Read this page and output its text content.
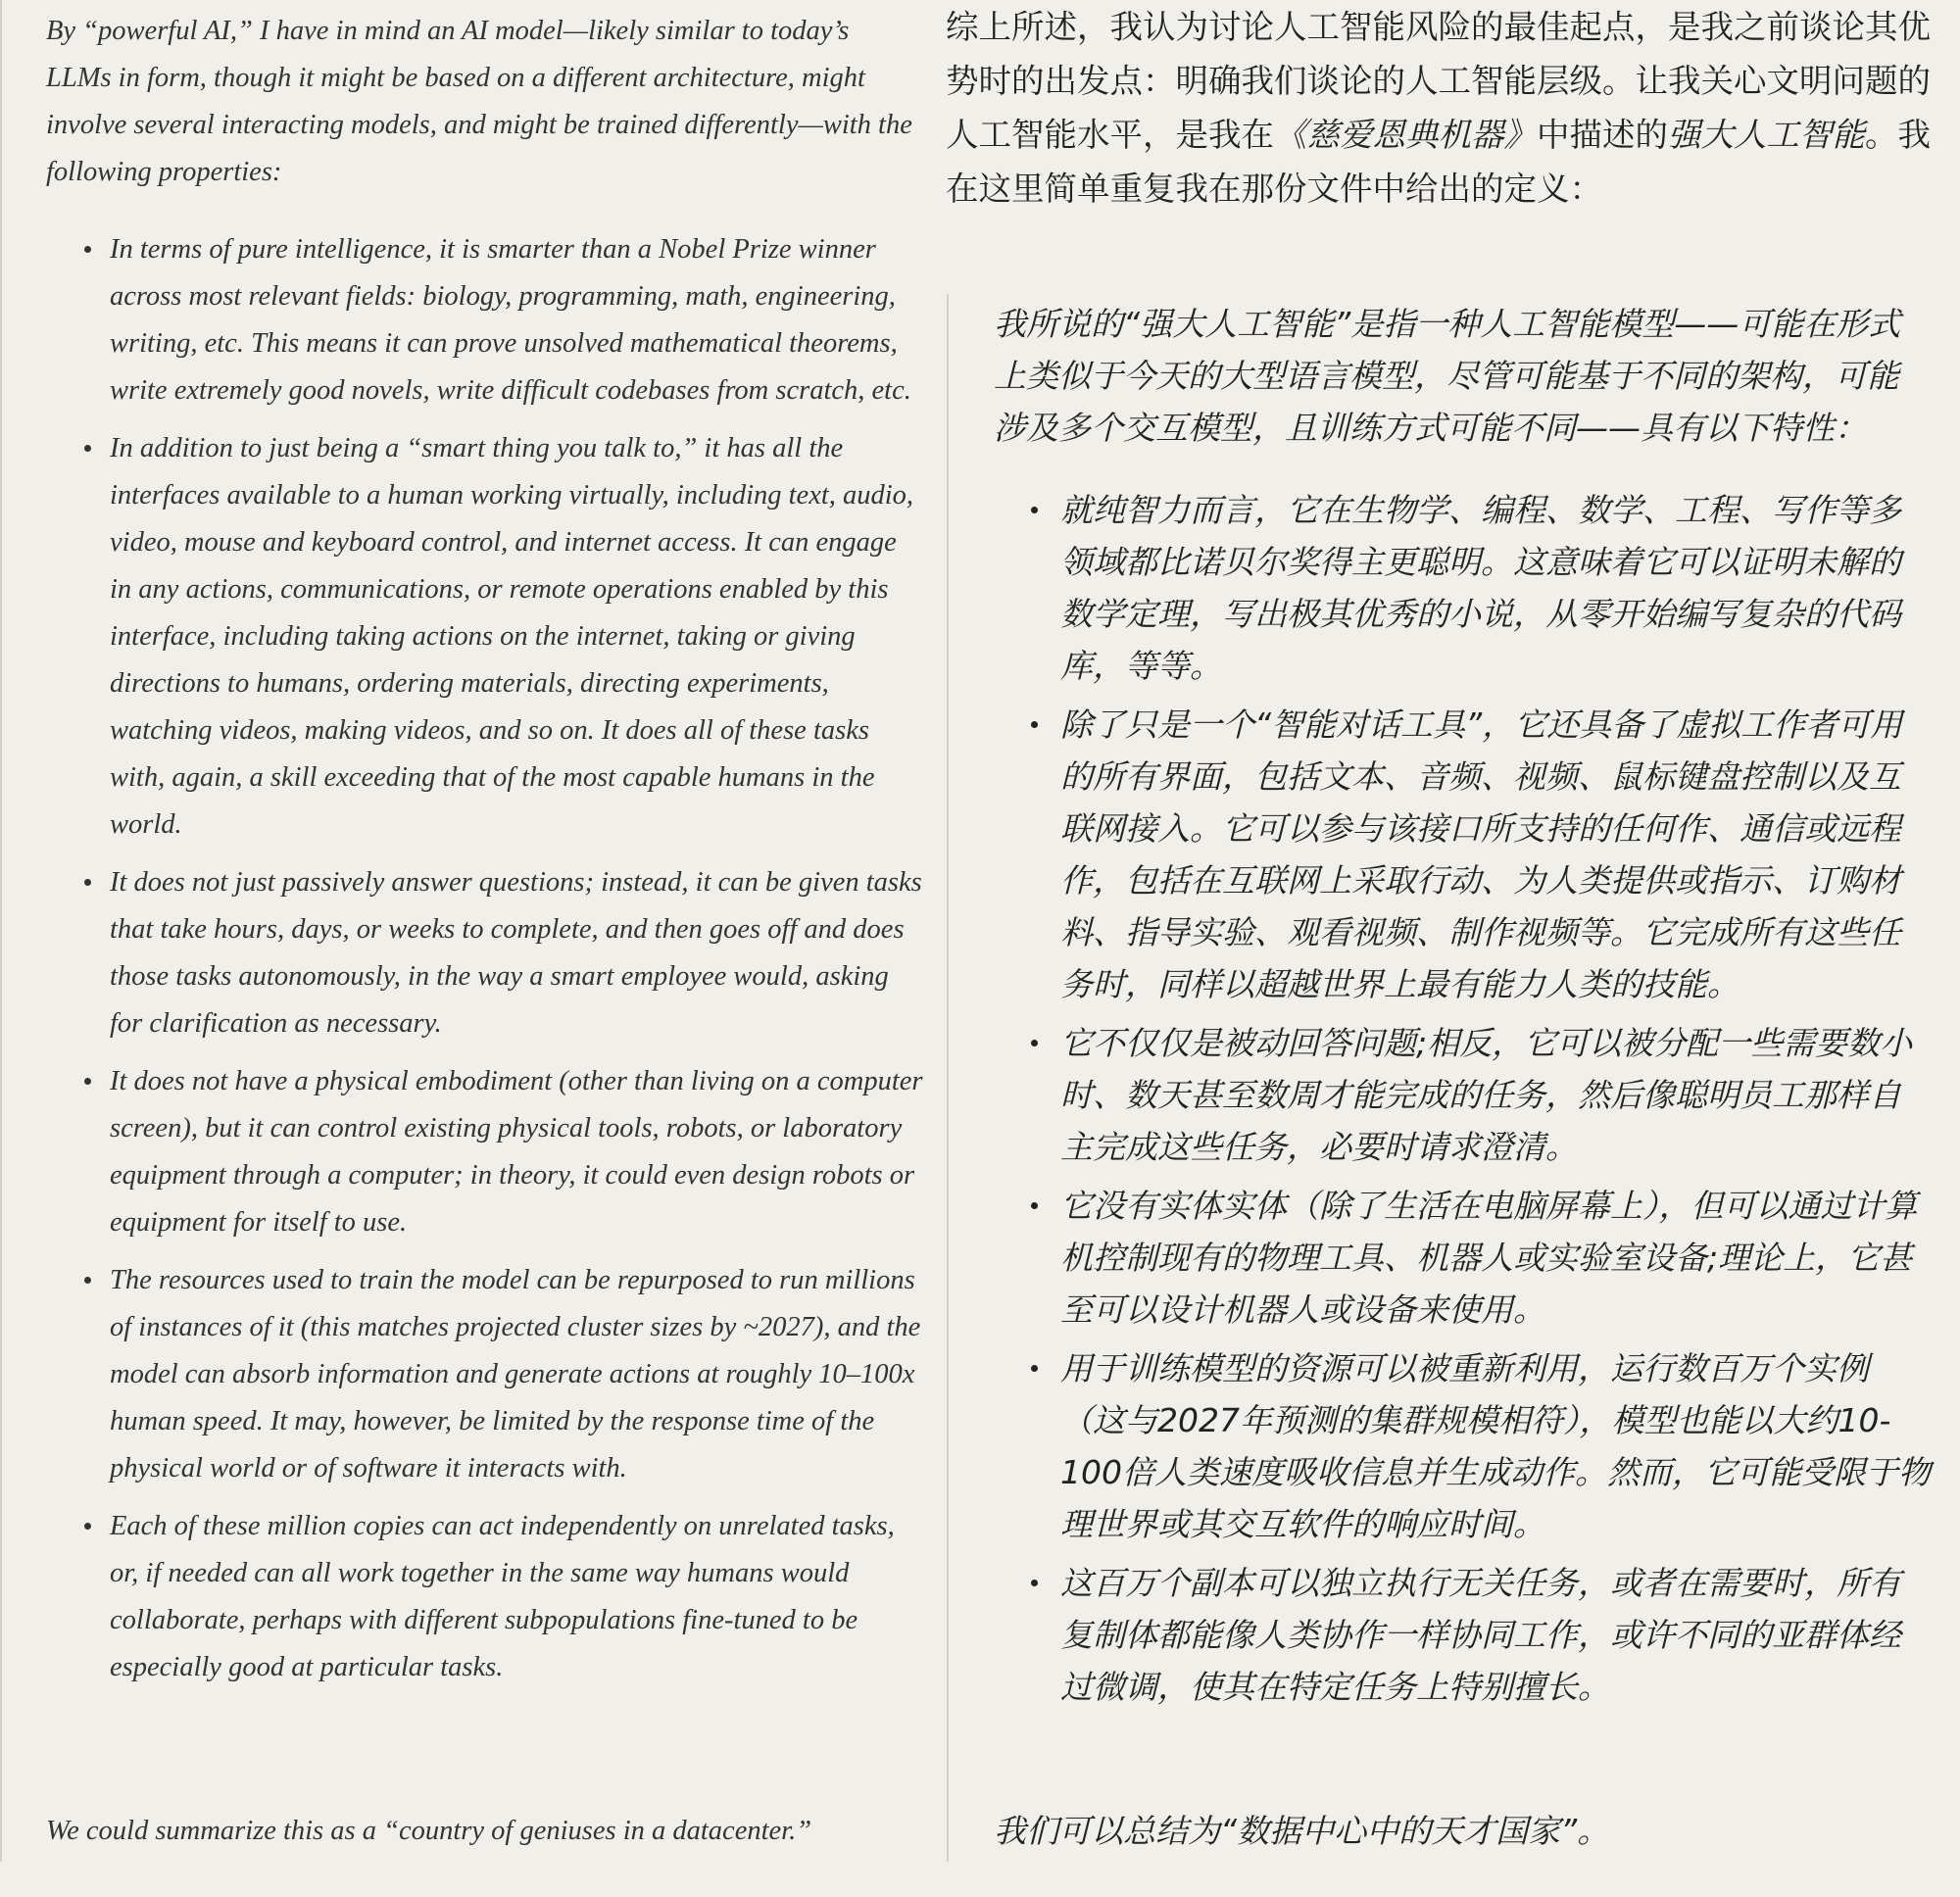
By “powerful AI,” I have in mind an AI model—likely similar to today’s LLMs in form, though it might be based on a different architecture, might involve several interacting models, and might be trained differently—with the following properties:

In terms of pure intelligence, it is smarter than a Nobel Prize winner across most relevant fields: biology, programming, math, engineering, writing, etc. This means it can prove unsolved mathematical theorems, write extremely good novels, write difficult codebases from scratch, etc.
In addition to just being a “smart thing you talk to,” it has all the interfaces available to a human working virtually, including text, audio, video, mouse and keyboard control, and internet access. It can engage in any actions, communications, or remote operations enabled by this interface, including taking actions on the internet, taking or giving directions to humans, ordering materials, directing experiments, watching videos, making videos, and so on. It does all of these tasks with, again, a skill exceeding that of the most capable humans in the world.
It does not just passively answer questions; instead, it can be given tasks that take hours, days, or weeks to complete, and then goes off and does those tasks autonomously, in the way a smart employee would, asking for clarification as necessary.
It does not have a physical embodiment (other than living on a computer screen), but it can control existing physical tools, robots, or laboratory equipment through a computer; in theory, it could even design robots or equipment for itself to use.
The resources used to train the model can be repurposed to run millions of instances of it (this matches projected cluster sizes by ~2027), and the model can absorb information and generate actions at roughly 10–100x human speed. It may, however, be limited by the response time of the physical world or of software it interacts with.
Each of these million copies can act independently on unrelated tasks, or, if needed can all work together in the same way humans would collaborate, perhaps with different subpopulations fine-tuned to be especially good at particular tasks.

We could summarize this as a “country of geniuses in a datacenter.”

综上所述，我认为讨论人工智能风险的最佳起点，是我之前谈论其优势时的出发点：明确我们谈论的人工智能层级。让我关心文明问题的人工智能水平，是我在《慈爱恩典机器》中描述的强大人工智能。我在这里简单重复我在那份文件中给出的定义：

我所说的“强大人工智能”是指一种人工智能模型——可能在形式上类似于今天的大型语言模型，尽管可能基于不同的架构，可能涉及多个交互模型，且训练方式可能不同——具有以下特性：

就纯智力而言，它在生物学、编程、数学、工程、写作等多领域都比诺贝尔奖得主更聪明。这意味着它可以证明未解的数学定理，写出极其优秀的小说，从零开始编写复杂的代码库，等等。
除了只是一个“智能对话工具”，它还具备了虚拟工作者可用的所有界面，包括文本、音频、视频、鼠标键盘控制以及互联网接入。它可以参与该接口所支持的任何作、通信或远程作，包括在互联网上采取行动、为人类提供或指示、订购材料、指导实验、观看视频、制作视频等。它完成所有这些任务时，同样以超越世界上最有能力人类的技能。
它不仅仅是被动回答问题;相反，它可以被分配一些需要数小时、数天甚至数周才能完成的任务，然后像聪明员工那样自主完成这些任务，必要时请求澄清。
它没有实体实体（除了生活在电脑屏幕上），但可以通过计算机控制现有的物理工具、机器人或实验室设备;理论上，它甚至可以设计机器人或设备来使用。
用于训练模型的资源可以被重新利用，运行数百万个实例（这与2027年预测的集群规模相符），模型也能以大约10-100倍人类速度吸收信息并生成动作。然而，它可能受限于物理世界或其交互软件的响应时间。
这百万个副本可以独立执行无关任务，或者在需要时，所有复制体都能像人类协作一样协同工作，或许不同的亚群体经过微调，使其在特定任务上特别擅长。

我们可以总结为“数据中心中的天才国家”。
